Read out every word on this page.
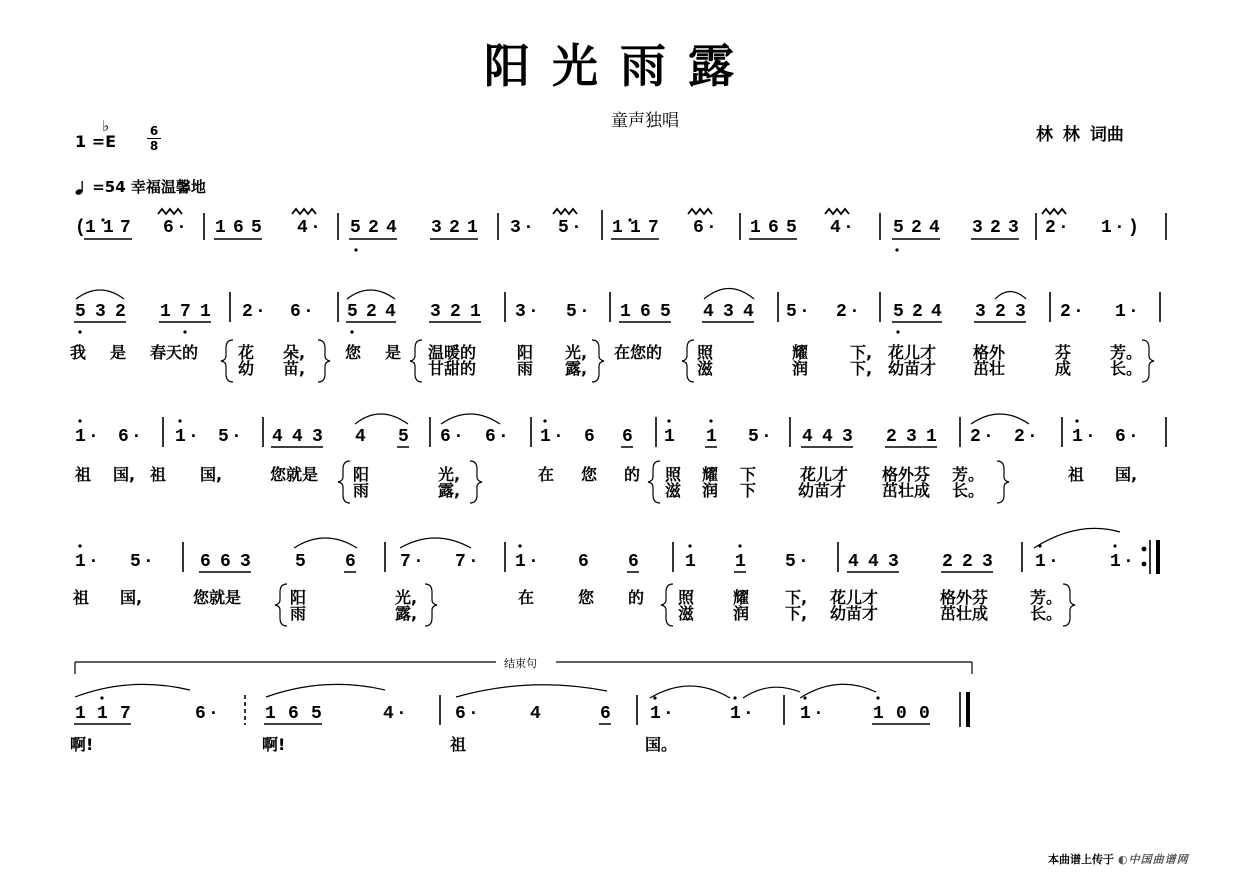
阳光雨露
童声独唱
林 林 词曲
1 =
♭
E
6
8
=54 幸福温馨地
结束句
( 1 1 7 6 · 1 6 5 4 · 5 2 4 3 2 1 3 · 5 · 1 1 7 6 · 1 6 5 4 · 5 2 4 3 2 3 2 · 1 · )
5 3 2 1 7 1 2 · 6 · 5 2 4 3 2 1 3 · 5 · 1 6 5 4 3 4 5 · 2 · 5 2 4 3 2 3 2 · 1 ·
1 · 6 · 1 · 5 · 4 4 3 4 5 6 · 6 · 1 · 6 6 1 1 5 · 4 4 3 2 3 1 2 · 2 · 1 · 6 ·
1 · 5 ·	6 6 3 5 6 7 · 7 · 1 · 6 6	1 1 5 · 4 4 3 2 2 3 1 ·	1 ·
1 1 7	6 ·	1 6 5	4 ·	6 ·	4	6 1 ·	1 ·	1 ·	1 0 0
我 是 春天的 花 朵, 您 是 温暖的	阳 光, 在您的 照	耀	下, 花儿才 格外	芬 芳。
幼 苗,	甘甜的	雨 露,	滋	润	下, 幼苗才 茁壮	成 长。
祖 国, 祖 国,	您就是 阳	光,	在 您 的 照 耀 下	花儿才 格外芬 芳。	祖 国,
雨	露,	滋 润 下	幼苗才 茁壮成 长。
祖 国,	您就是	阳	光,	在	您 的 照 耀 下, 花儿才	格外芬	芳。
雨	露,	滋 润 下, 幼苗才	茁壮成	长。
啊!	啊!	祖	国。
本曲谱上传于 ◐中国曲谱网
